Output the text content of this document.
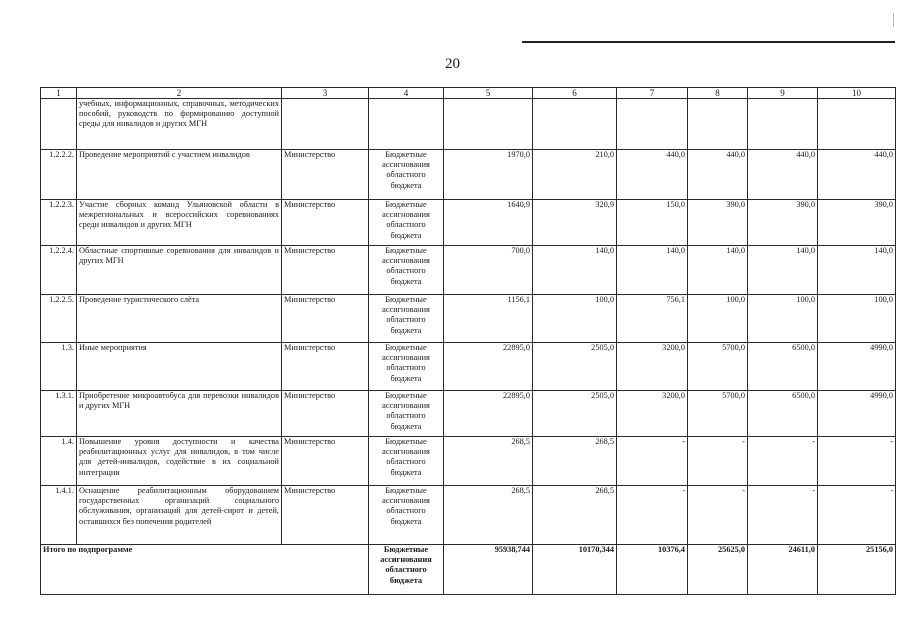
20
1	2	3	4	5	6	7	8	9	10
	учебных, информационных, справочных, методических пособий, руководств по формированию доступной среды для инвалидов и других МГН								
1.2.2.2.	Проведение мероприятий с участием инвалидов	Министерство	Бюджетные ассигнования областного бюджета	1970,0	210,0	440,0	440,0	440,0	440,0
1.2.2.3.	Участие сборных команд Ульяновской области в межрегиональных и всероссийских соревнованиях среди инвалидов и других МГН	Министерство	Бюджетные ассигнования областного бюджета	1640,9	320,9	150,0	390,0	390,0	390,0
1.2.2.4.	Областные спортивные соревнования для инвалидов и других МГН	Министерство	Бюджетные ассигнования областного бюджета	700,0	140,0	140,0	140,0	140,0	140,0
1.2.2.5.	Проведение туристического слёта	Министерство	Бюджетные ассигнования областного бюджета	1156,1	100,0	756,1	100,0	100,0	100,0
1.3.	Иные мероприятия	Министерство	Бюджетные ассигнования областного бюджета	22895,0	2505,0	3200,0	5700,0	6500,0	4990,0
1.3.1.	Приобретение микроавтобуса для перевозки инвалидов и других МГН	Министерство	Бюджетные ассигнования областного бюджета	22895,0	2505,0	3200,0	5700,0	6500,0	4990,0
1.4.	Повышение уровня доступности и качества реабилитационных услуг для инвалидов, в том числе для детей-инвалидов, содействие в их социальной интеграции	Министерство	Бюджетные ассигнования областного бюджета	268,5	268,5	-	-	-	-
1.4.1.	Оснащение реабилитационным оборудованием государственных организаций социального обслуживания, организаций для детей-сирот и детей, оставшихся без попечения родителей	Министерство	Бюджетные ассигнования областного бюджета	268,5	268,5	-	-	-	-
Итого по подпрограмме			Бюджетные ассигнования областного бюджета	95938,744	10170,344	10376,4	25625,0	24611,0	25156,0
